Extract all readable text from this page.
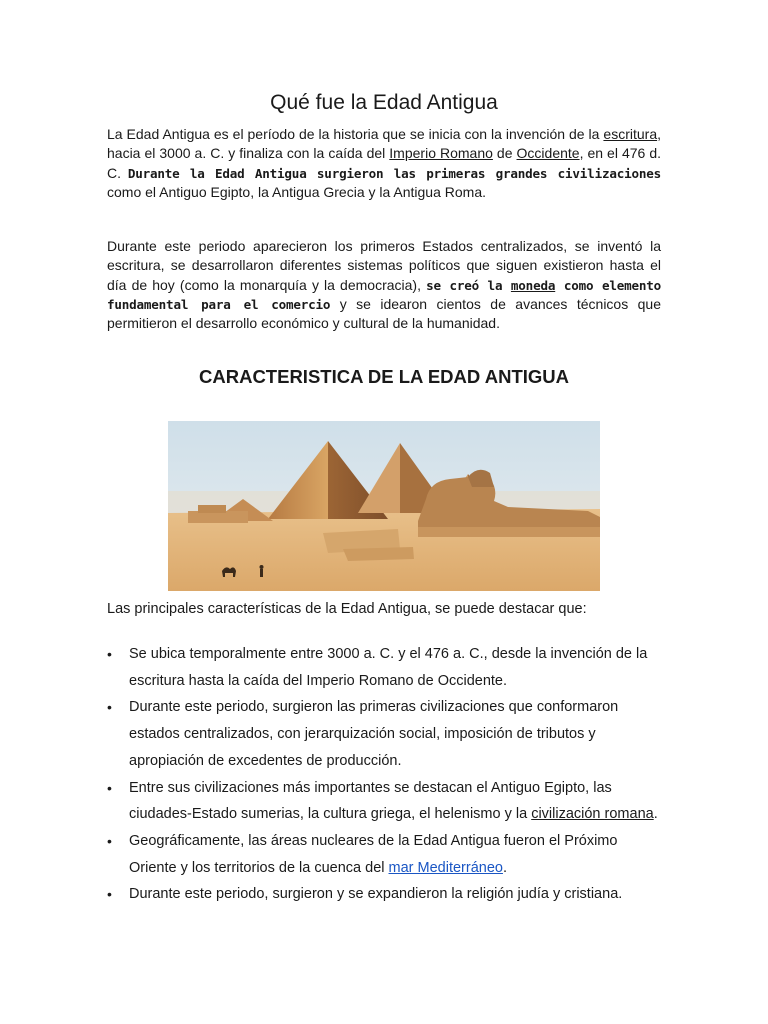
Qué fue la Edad Antigua

La Edad Antigua es el período de la historia que se inicia con la invención de la escritura, hacia el 3000 a. C. y finaliza con la caída del Imperio Romano de Occidente, en el 476 d. C. Durante la Edad Antigua surgieron las primeras grandes civilizaciones como el Antiguo Egipto, la Antigua Grecia y la Antigua Roma.

Durante este periodo aparecieron los primeros Estados centralizados, se inventó la escritura, se desarrollaron diferentes sistemas políticos que siguen existieron hasta el día de hoy (como la monarquía y la democracia), se creó la moneda como elemento fundamental para el comercio y se idearon cientos de avances técnicos que permitieron el desarrollo económico y cultural de la humanidad.

CARACTERISTICA DE LA EDAD ANTIGUA

Las principales características de la Edad Antigua, se puede destacar que:

• Se ubica temporalmente entre 3000 a. C. y el 476 a. C., desde la invención de la escritura hasta la caída del Imperio Romano de Occidente.
• Durante este periodo, surgieron las primeras civilizaciones que conformaron estados centralizados, con jerarquización social, imposición de tributos y apropiación de excedentes de producción.
• Entre sus civilizaciones más importantes se destacan el Antiguo Egipto, las ciudades-Estado sumerias, la cultura griega, el helenismo y la civilización romana.
• Geográficamente, las áreas nucleares de la Edad Antigua fueron el Próximo Oriente y los territorios de la cuenca del mar Mediterráneo.
• Durante este periodo, surgieron y se expandieron la religión judía y cristiana.
